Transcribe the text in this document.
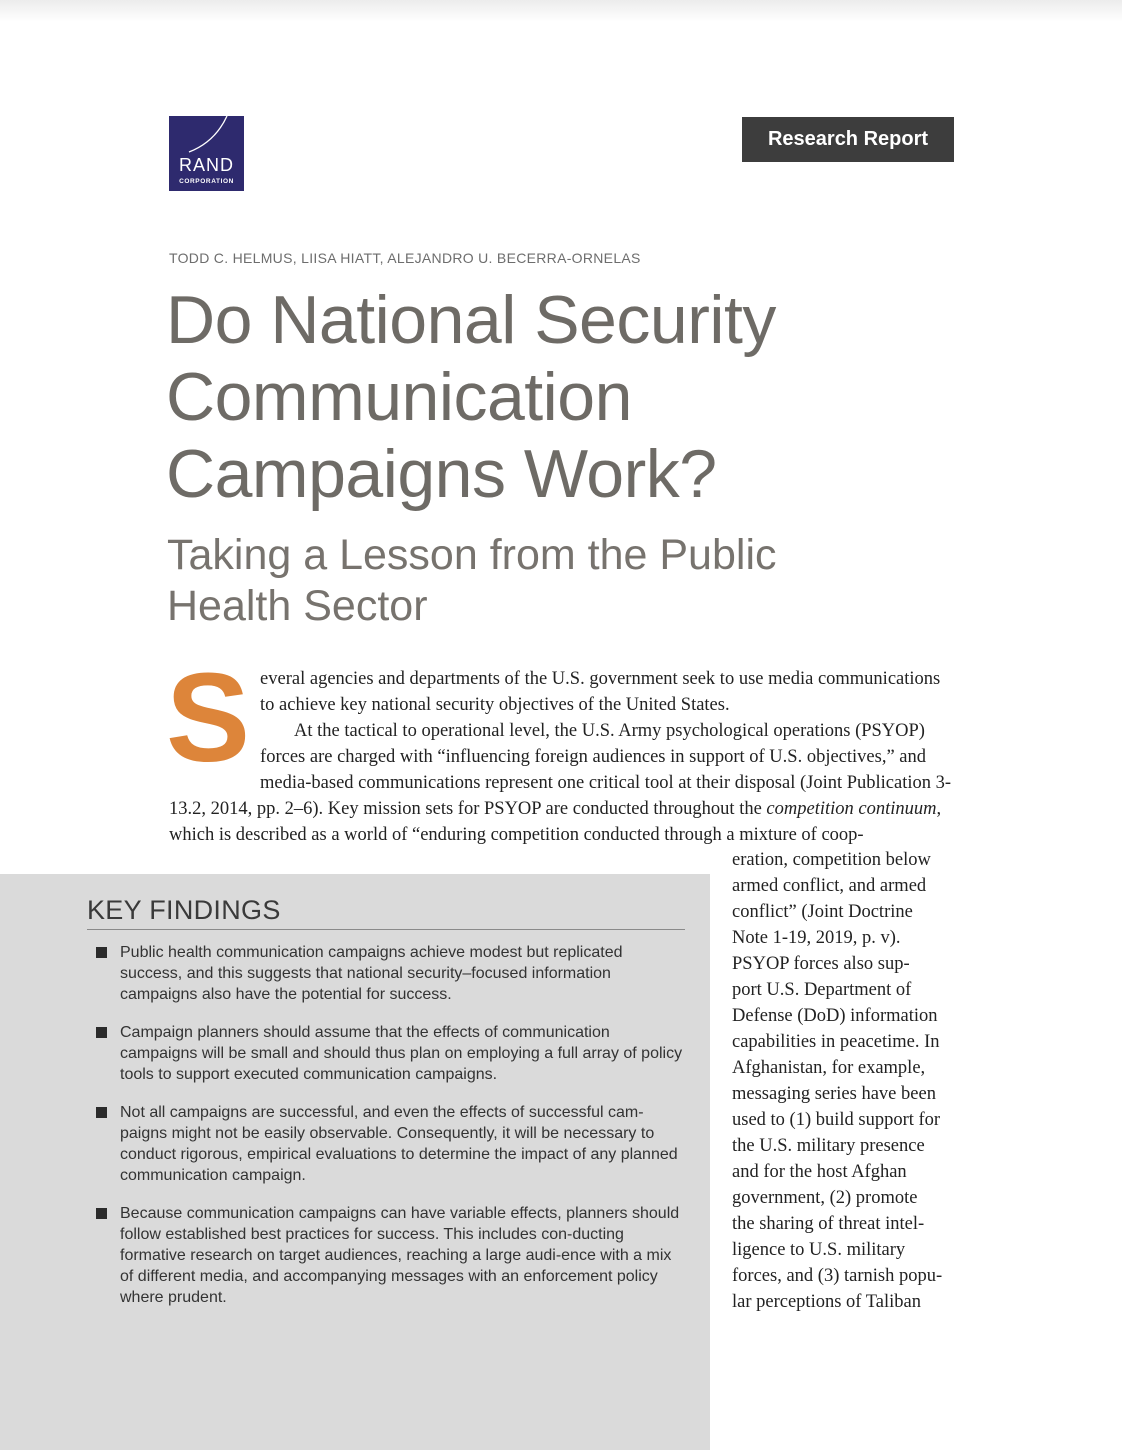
RAND
CORPORATION
Research Report
TODD C. HELMUS, LIISA HIATT, ALEJANDRO U. BECERRA-ORNELAS
Do National Security
Communication
Campaigns Work?
Taking a Lesson from the Public
Health Sector
S everal agencies and departments of the U.S. government seek to use media communications to achieve key national security objectives of the United States.

At the tactical to operational level, the U.S. Army psychological operations (PSYOP) forces are charged with “influencing foreign audiences in support of U.S. objectives,” and media-based communications represent one critical tool at their disposal (Joint Publication 3-13.2, 2014, pp. 2–6). Key mission sets for PSYOP are conducted throughout the competition continuum, which is described as a world of “enduring competition conducted through a mixture of coop-

KEY FINDINGS
Public health communication campaigns achieve modest but replicated success, and this suggests that national security–focused information campaigns also have the potential for success.
Campaign planners should assume that the effects of communication campaigns will be small and should thus plan on employing a full array of policy tools to support executed communication campaigns.
Not all campaigns are successful, and even the effects of successful cam-paigns might not be easily observable. Consequently, it will be necessary to conduct rigorous, empirical evaluations to determine the impact of any planned communication campaign.
Because communication campaigns can have variable effects, planners should follow established best practices for success. This includes con-ducting formative research on target audiences, reaching a large audi-ence with a mix of different media, and accompanying messages with an enforcement policy where prudent.
eration, competition below
armed conflict, and armed
conflict” (Joint Doctrine
Note 1-19, 2019, p. v).
PSYOP forces also sup-
port U.S. Department of
Defense (DoD) information
capabilities in peacetime. In
Afghanistan, for example,
messaging series have been
used to (1) build support for
the U.S. military presence
and for the host Afghan
government, (2) promote
the sharing of threat intel-
ligence to U.S. military
forces, and (3) tarnish popu-
lar perceptions of Taliban
